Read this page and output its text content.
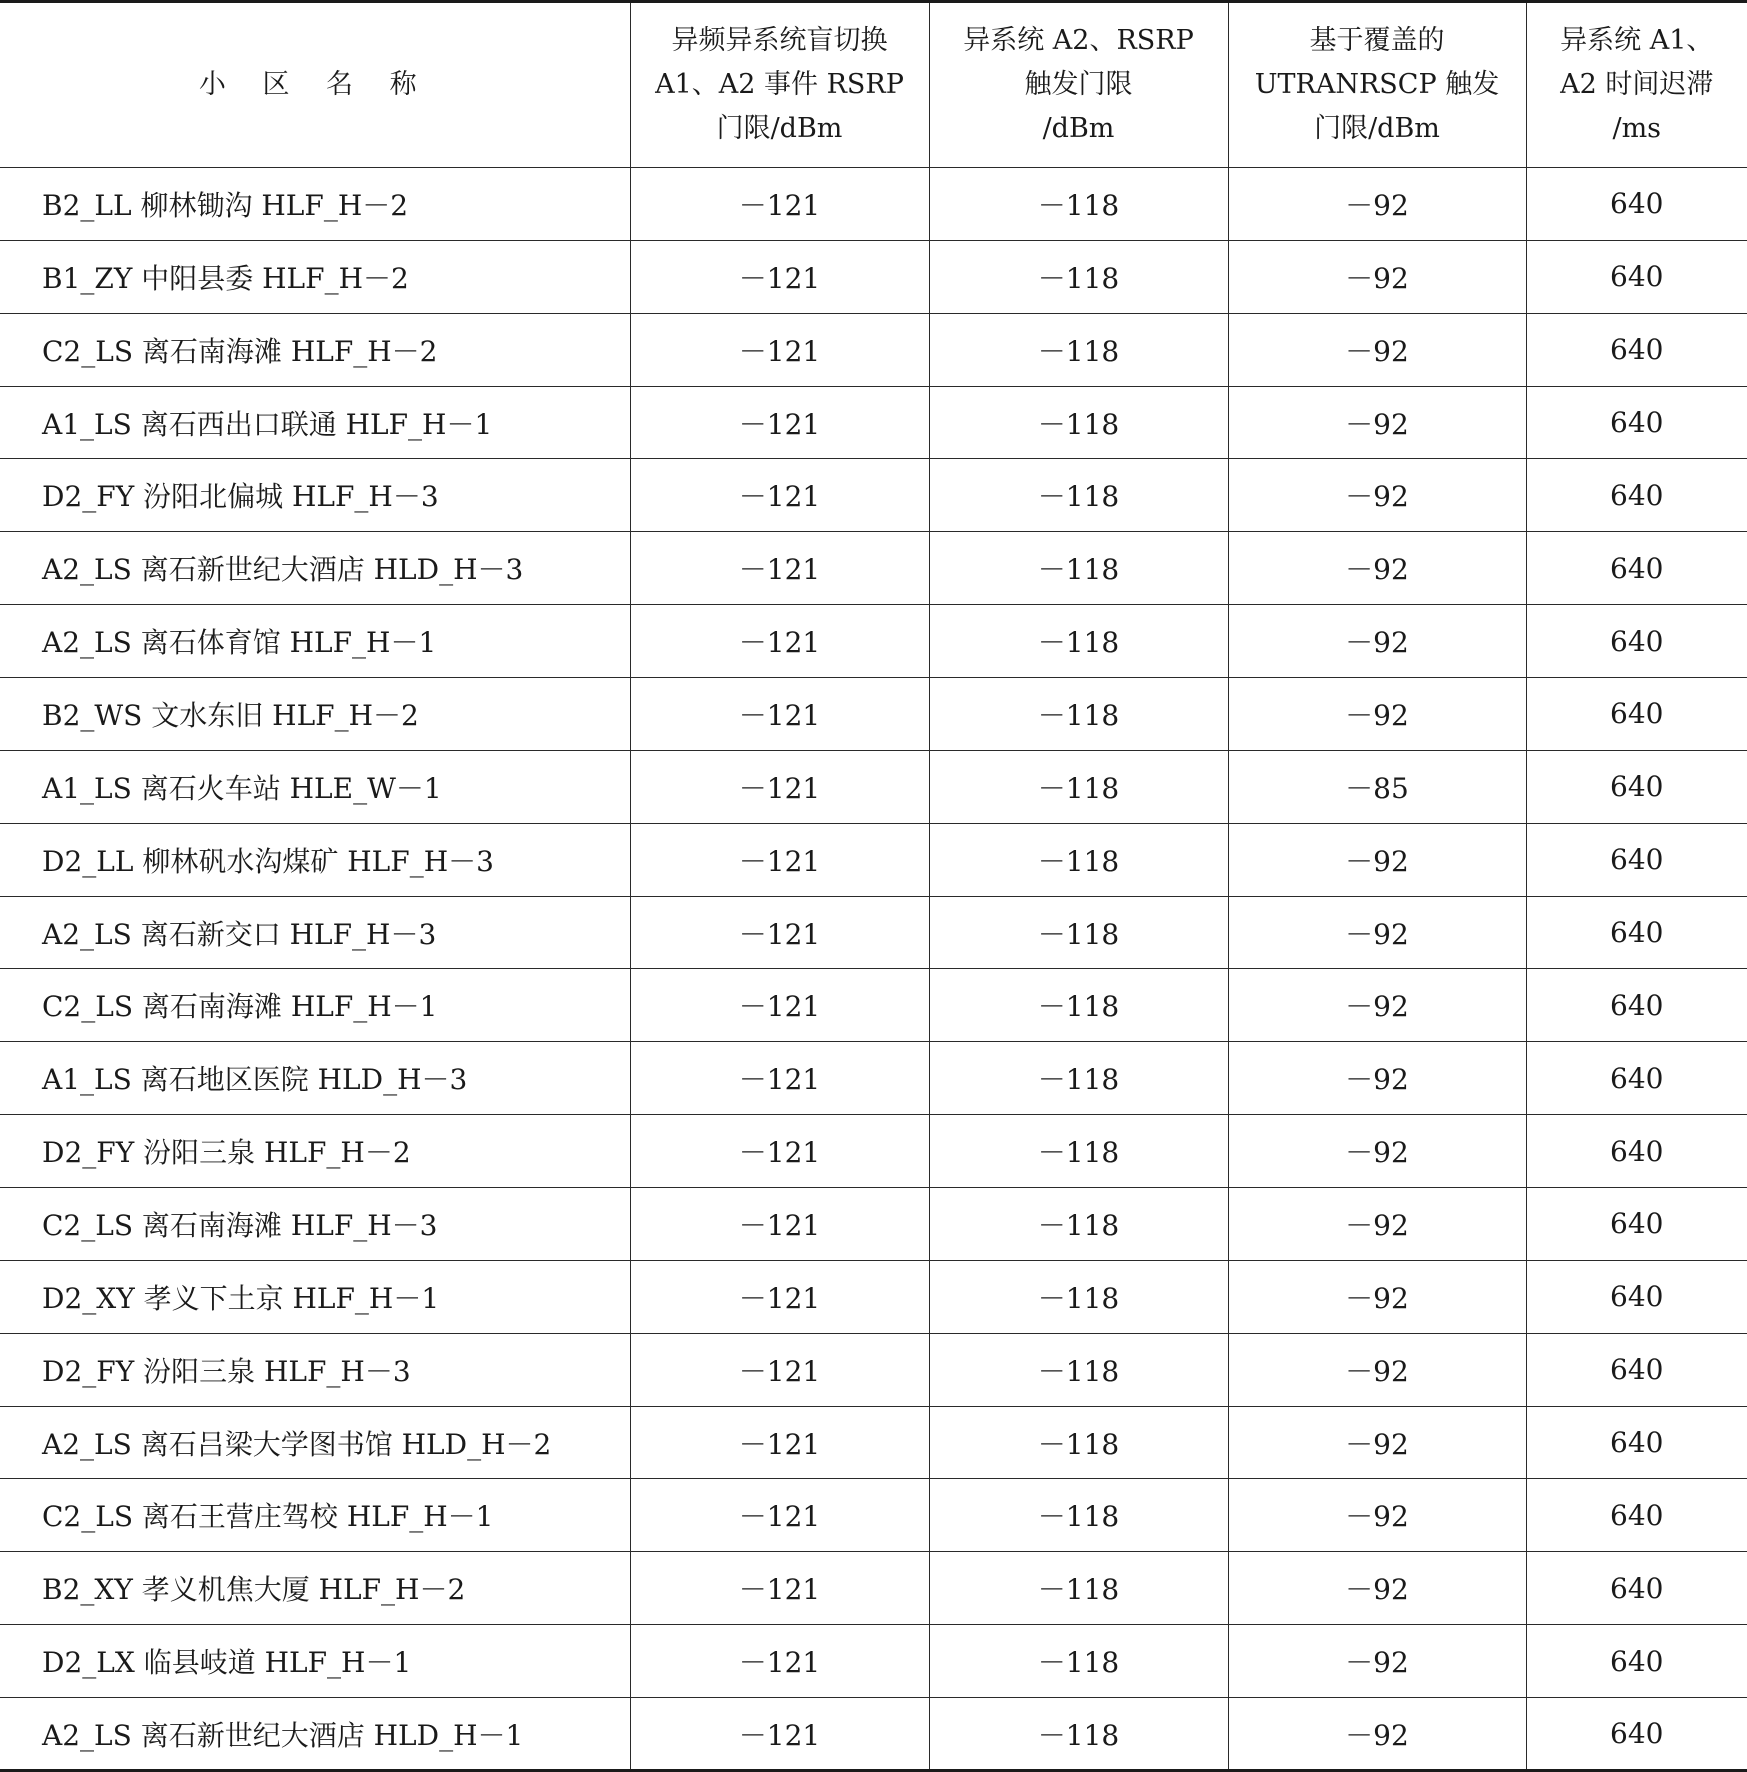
小 区 名 称	异频异系统盲切换
A1、A2 事件 RSRP
门限/dBm	异系统 A2、RSRP
触发门限
/dBm	基于覆盖的
UTRANRSCP 触发
门限/dBm	异系统 A1、
A2 时间迟滞
/ms
B2_LL 柳林锄沟 HLF_H－2	－121	－118	－92	640
B1_ZY 中阳县委 HLF_H－2	－121	－118	－92	640
C2_LS 离石南海滩 HLF_H－2	－121	－118	－92	640
A1_LS 离石西出口联通 HLF_H－1	－121	－118	－92	640
D2_FY 汾阳北偏城 HLF_H－3	－121	－118	－92	640
A2_LS 离石新世纪大酒店 HLD_H－3	－121	－118	－92	640
A2_LS 离石体育馆 HLF_H－1	－121	－118	－92	640
B2_WS 文水东旧 HLF_H－2	－121	－118	－92	640
A1_LS 离石火车站 HLE_W－1	－121	－118	－85	640
D2_LL 柳林矾水沟煤矿 HLF_H－3	－121	－118	－92	640
A2_LS 离石新交口 HLF_H－3	－121	－118	－92	640
C2_LS 离石南海滩 HLF_H－1	－121	－118	－92	640
A1_LS 离石地区医院 HLD_H－3	－121	－118	－92	640
D2_FY 汾阳三泉 HLF_H－2	－121	－118	－92	640
C2_LS 离石南海滩 HLF_H－3	－121	－118	－92	640
D2_XY 孝义下土京 HLF_H－1	－121	－118	－92	640
D2_FY 汾阳三泉 HLF_H－3	－121	－118	－92	640
A2_LS 离石吕梁大学图书馆 HLD_H－2	－121	－118	－92	640
C2_LS 离石王营庄驾校 HLF_H－1	－121	－118	－92	640
B2_XY 孝义机焦大厦 HLF_H－2	－121	－118	－92	640
D2_LX 临县岐道 HLF_H－1	－121	－118	－92	640
A2_LS 离石新世纪大酒店 HLD_H－1	－121	－118	－92	640
